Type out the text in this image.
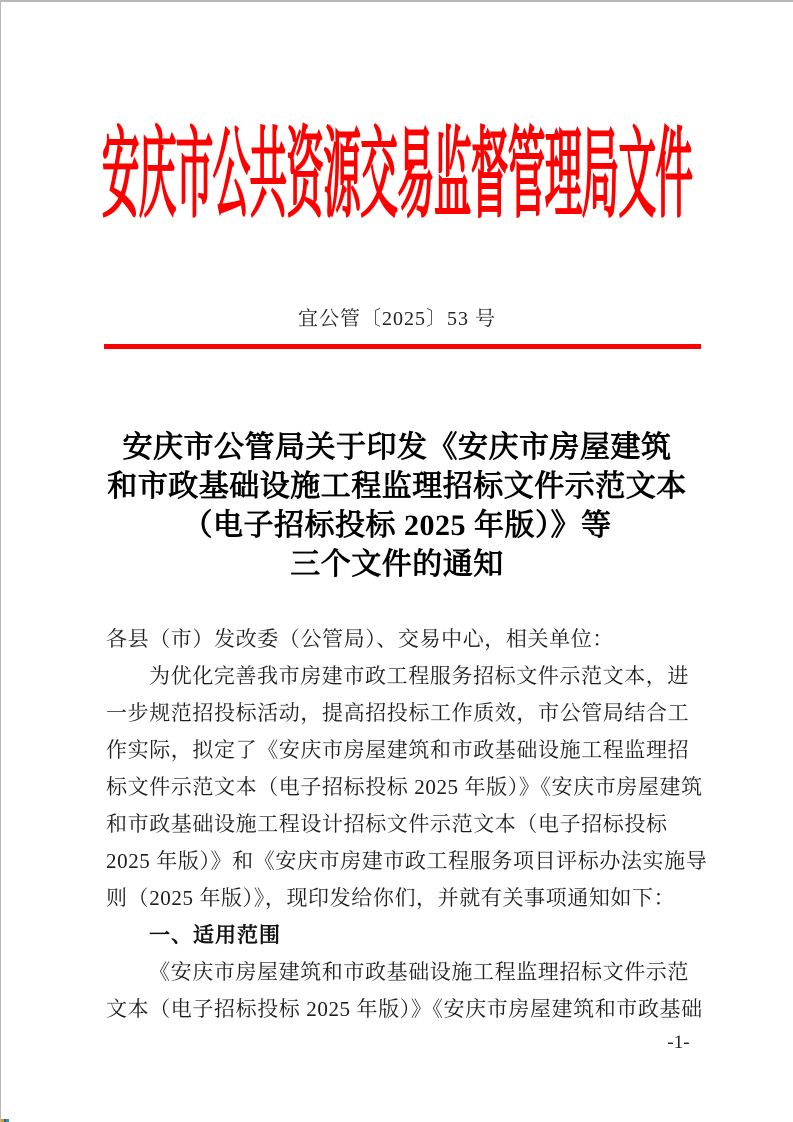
安庆市公共资源交易监督管理局文件
宜公管〔2025〕53 号

安庆市公管局关于印发《安庆市房屋建筑

和市政基础设施工程监理招标文件示范文本

（电子招标投标 2025 年版）》等

三个文件的通知

各县（市）发改委（公管局）、交易中心，相关单位：

为优化完善我市房建市政工程服务招标文件示范文本，进

一步规范招投标活动，提高招投标工作质效，市公管局结合工

作实际，拟定了《安庆市房屋建筑和市政基础设施工程监理招

标文件示范文本（电子招标投标 2025 年版）》《安庆市房屋建筑

和市政基础设施工程设计招标文件示范文本（电子招标投标

2025 年版）》和《安庆市房建市政工程服务项目评标办法实施导

则（2025 年版）》，现印发给你们，并就有关事项通知如下：

一、适用范围

《安庆市房屋建筑和市政基础设施工程监理招标文件示范

文本（电子招标投标 2025 年版）》《安庆市房屋建筑和市政基础

-1-
